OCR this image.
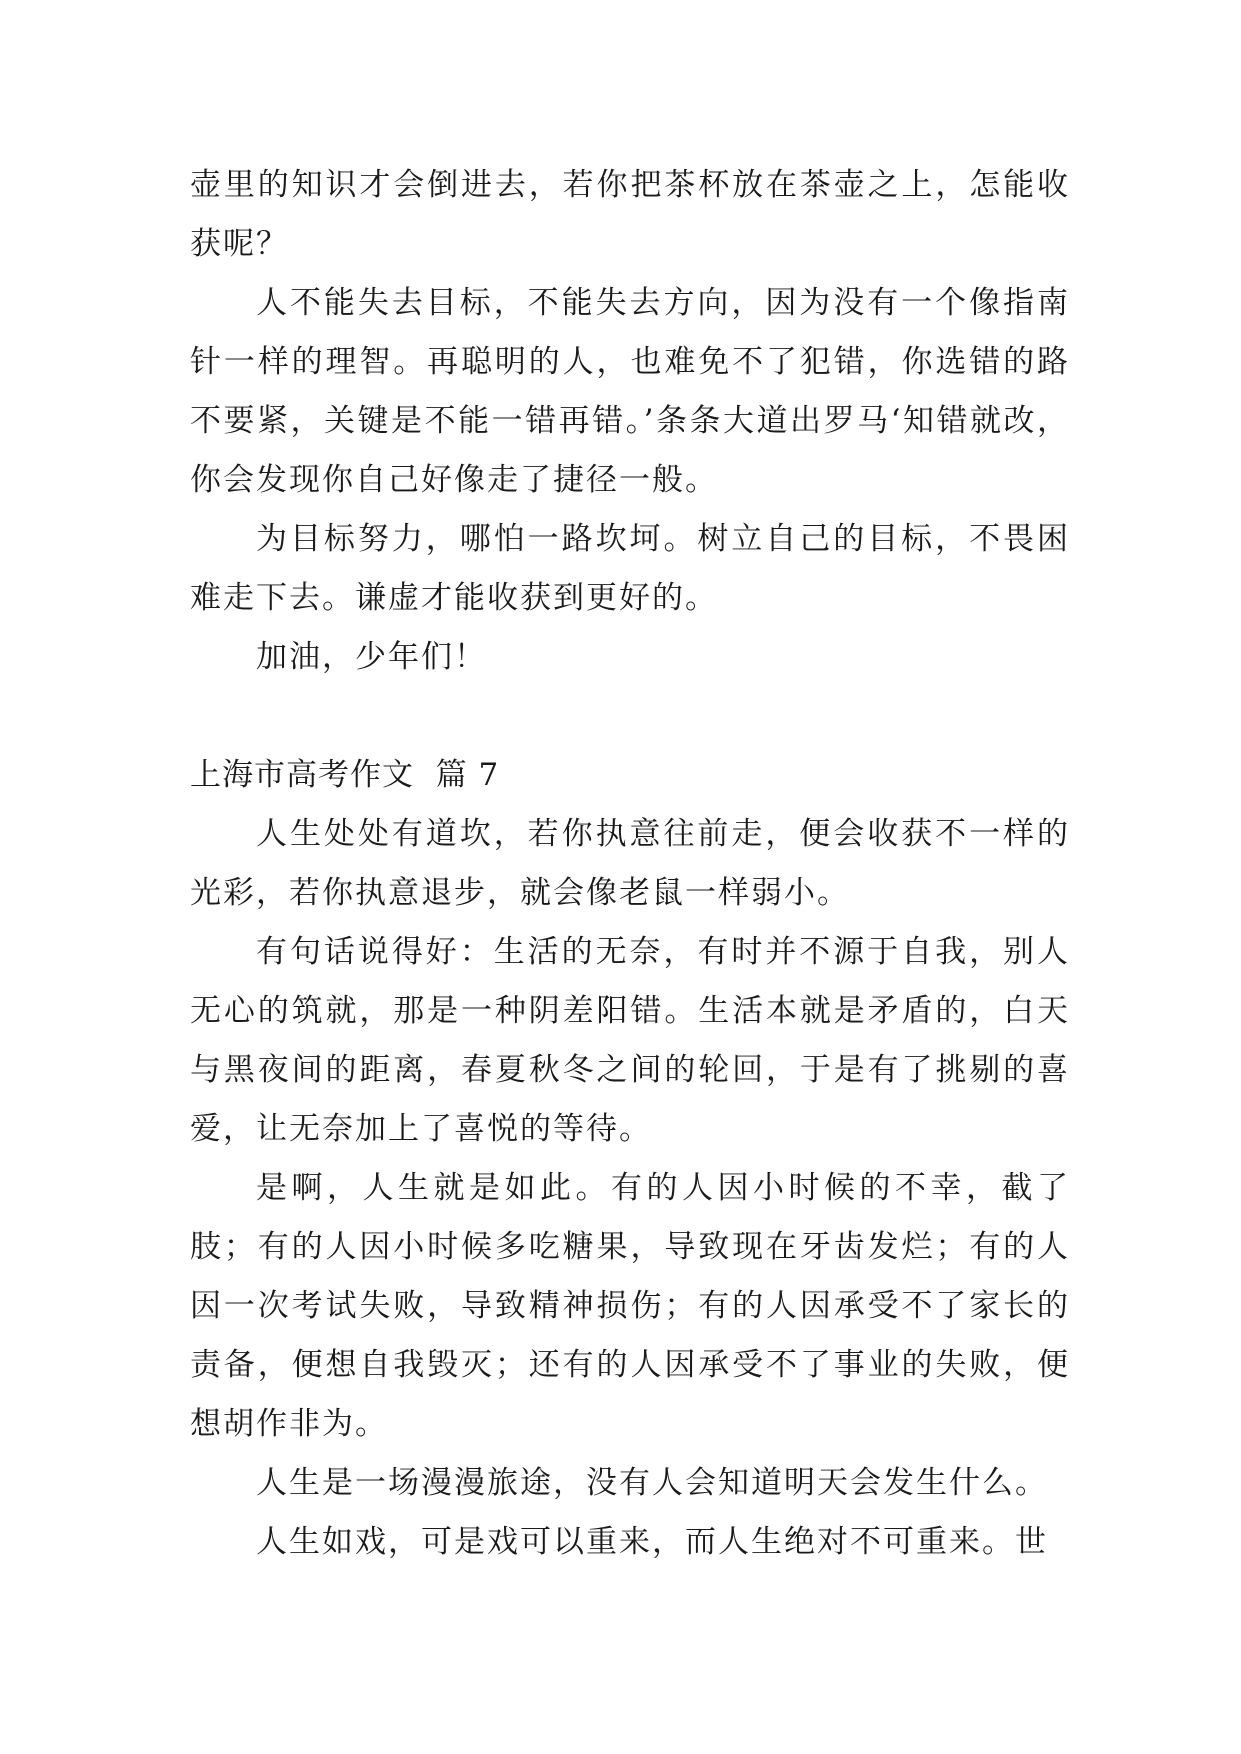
壶里的知识才会倒进去，若你把茶杯放在茶壶之上，怎能收获呢？

人不能失去目标，不能失去方向，因为没有一个像指南针一样的理智。再聪明的人，也难免不了犯错，你选错的路不要紧，关键是不能一错再错。’条条大道出罗马‘知错就改，你会发现你自己好像走了捷径一般。

为目标努力，哪怕一路坎坷。树立自己的目标，不畏困难走下去。谦虚才能收获到更好的。

加油，少年们！

上海市高考作文  篇 7

人生处处有道坎，若你执意往前走，便会收获不一样的光彩，若你执意退步，就会像老鼠一样弱小。

有句话说得好：生活的无奈，有时并不源于自我，别人无心的筑就，那是一种阴差阳错。生活本就是矛盾的，白天与黑夜间的距离，春夏秋冬之间的轮回，于是有了挑剔的喜爱，让无奈加上了喜悦的等待。

是啊，人生就是如此。有的人因小时候的不幸，截了肢；有的人因小时候多吃糖果，导致现在牙齿发烂；有的人因一次考试失败，导致精神损伤；有的人因承受不了家长的责备，便想自我毁灭；还有的人因承受不了事业的失败，便想胡作非为。

人生是一场漫漫旅途，没有人会知道明天会发生什么。

人生如戏，可是戏可以重来，而人生绝对不可重来。世
